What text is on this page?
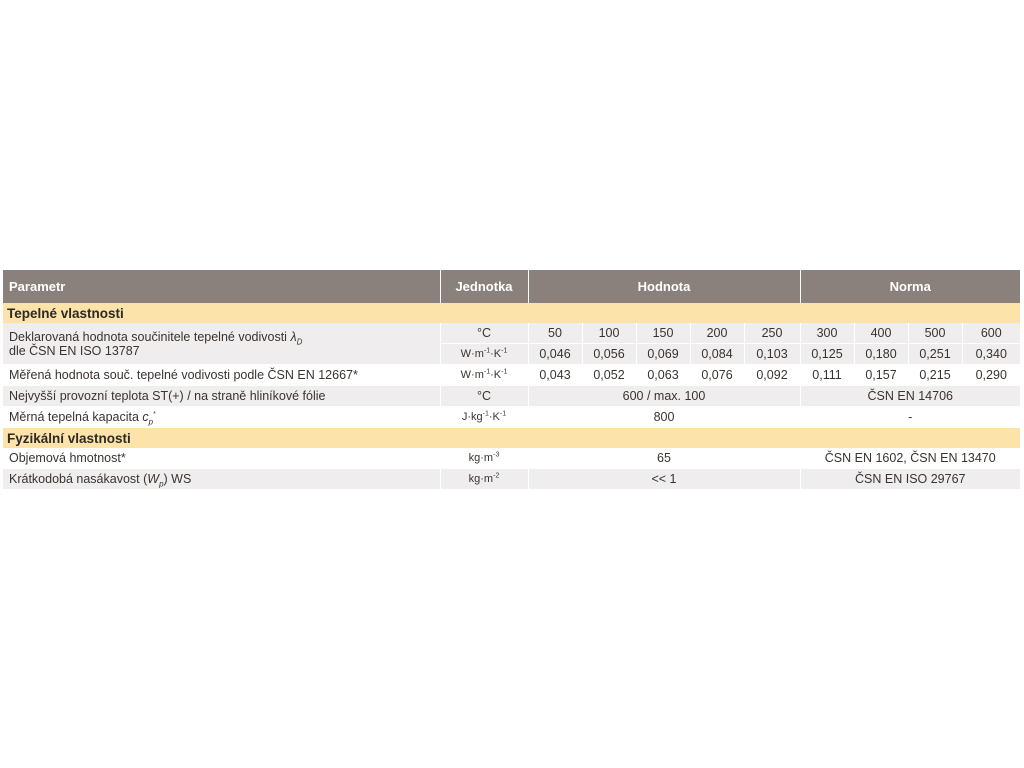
Parametr	Jednotka	Hodnota					Norma			
Tepelné vlastnosti										
Deklarovaná hodnota součinitele tepelné vodivosti $\lambda_D$
dle ČSN EN ISO 13787	°C	50	100	150	200	250	300	400	500	600
	$W\cdot m^{-1}\cdot K^{-1}$	0,046	0,056	0,069	0,084	0,103	0,125	0,180	0,251	0,340
Měřená hodnota souč. tepelné vodivosti podle ČSN EN 12667*	$W\cdot m^{-1}\cdot K^{-1}$	0,043	0,052	0,063	0,076	0,092	0,111	0,157	0,215	0,290
Nejvyšší provozní teplota ST(+) / na straně hliníkové fólie	°C	600 / max. 100					ČSN EN 14706			
Měrná tepelná kapacita $c_p^*$	$J\cdot kg^{-1}\cdot K^{-1}$	800					-			
Fyzikální vlastnosti										
Objemová hmotnost*	$kg\cdot m^{-3}$	65					ČSN EN 1602, ČSN EN 13470			
Krátkodobá nasákavost $(W_p)$ WS	$kg\cdot m^{-2}$	<< 1					ČSN EN ISO 29767			
